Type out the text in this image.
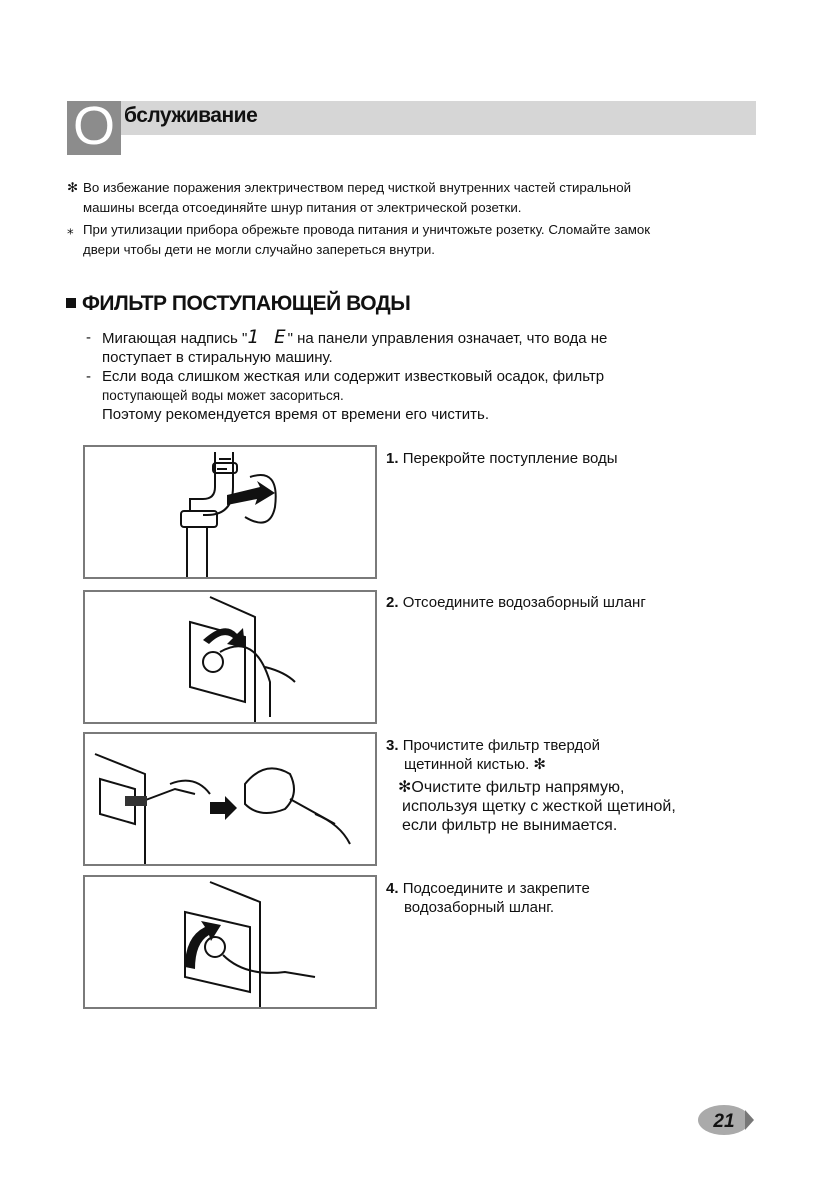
О бслуживание
✻ Во избежание поражения электричеством перед чисткой внутренних частей стиральной
машины всегда отсоединяйте шнур питания от электрической розетки.
⁎ При утилизации прибора обрежьте провода питания и уничтожьте розетку. Сломайте замок
двери чтобы дети не могли случайно запереться внутри.
ФИЛЬТР ПОСТУПАЮЩЕЙ ВОДЫ
- Мигающая надпись "1 E" на панели управления означает, что вода не
поступает в стиральную машину.
- Если вода слишком жесткая или содержит известковый осадок, фильтр
поступающей воды может засориться.
Поэтому рекомендуется время от времени его чистить.
1. Перекройте поступление воды
2. Отсоедините водозаборный шланг
3. Прочистите фильтр твердой
щетинной кистью. ✻
✻Очистите фильтр напрямую,
используя щетку с жесткой щетиной,
если фильтр не вынимается.
4. Подсоедините и закрепите
водозаборный шланг.
21
